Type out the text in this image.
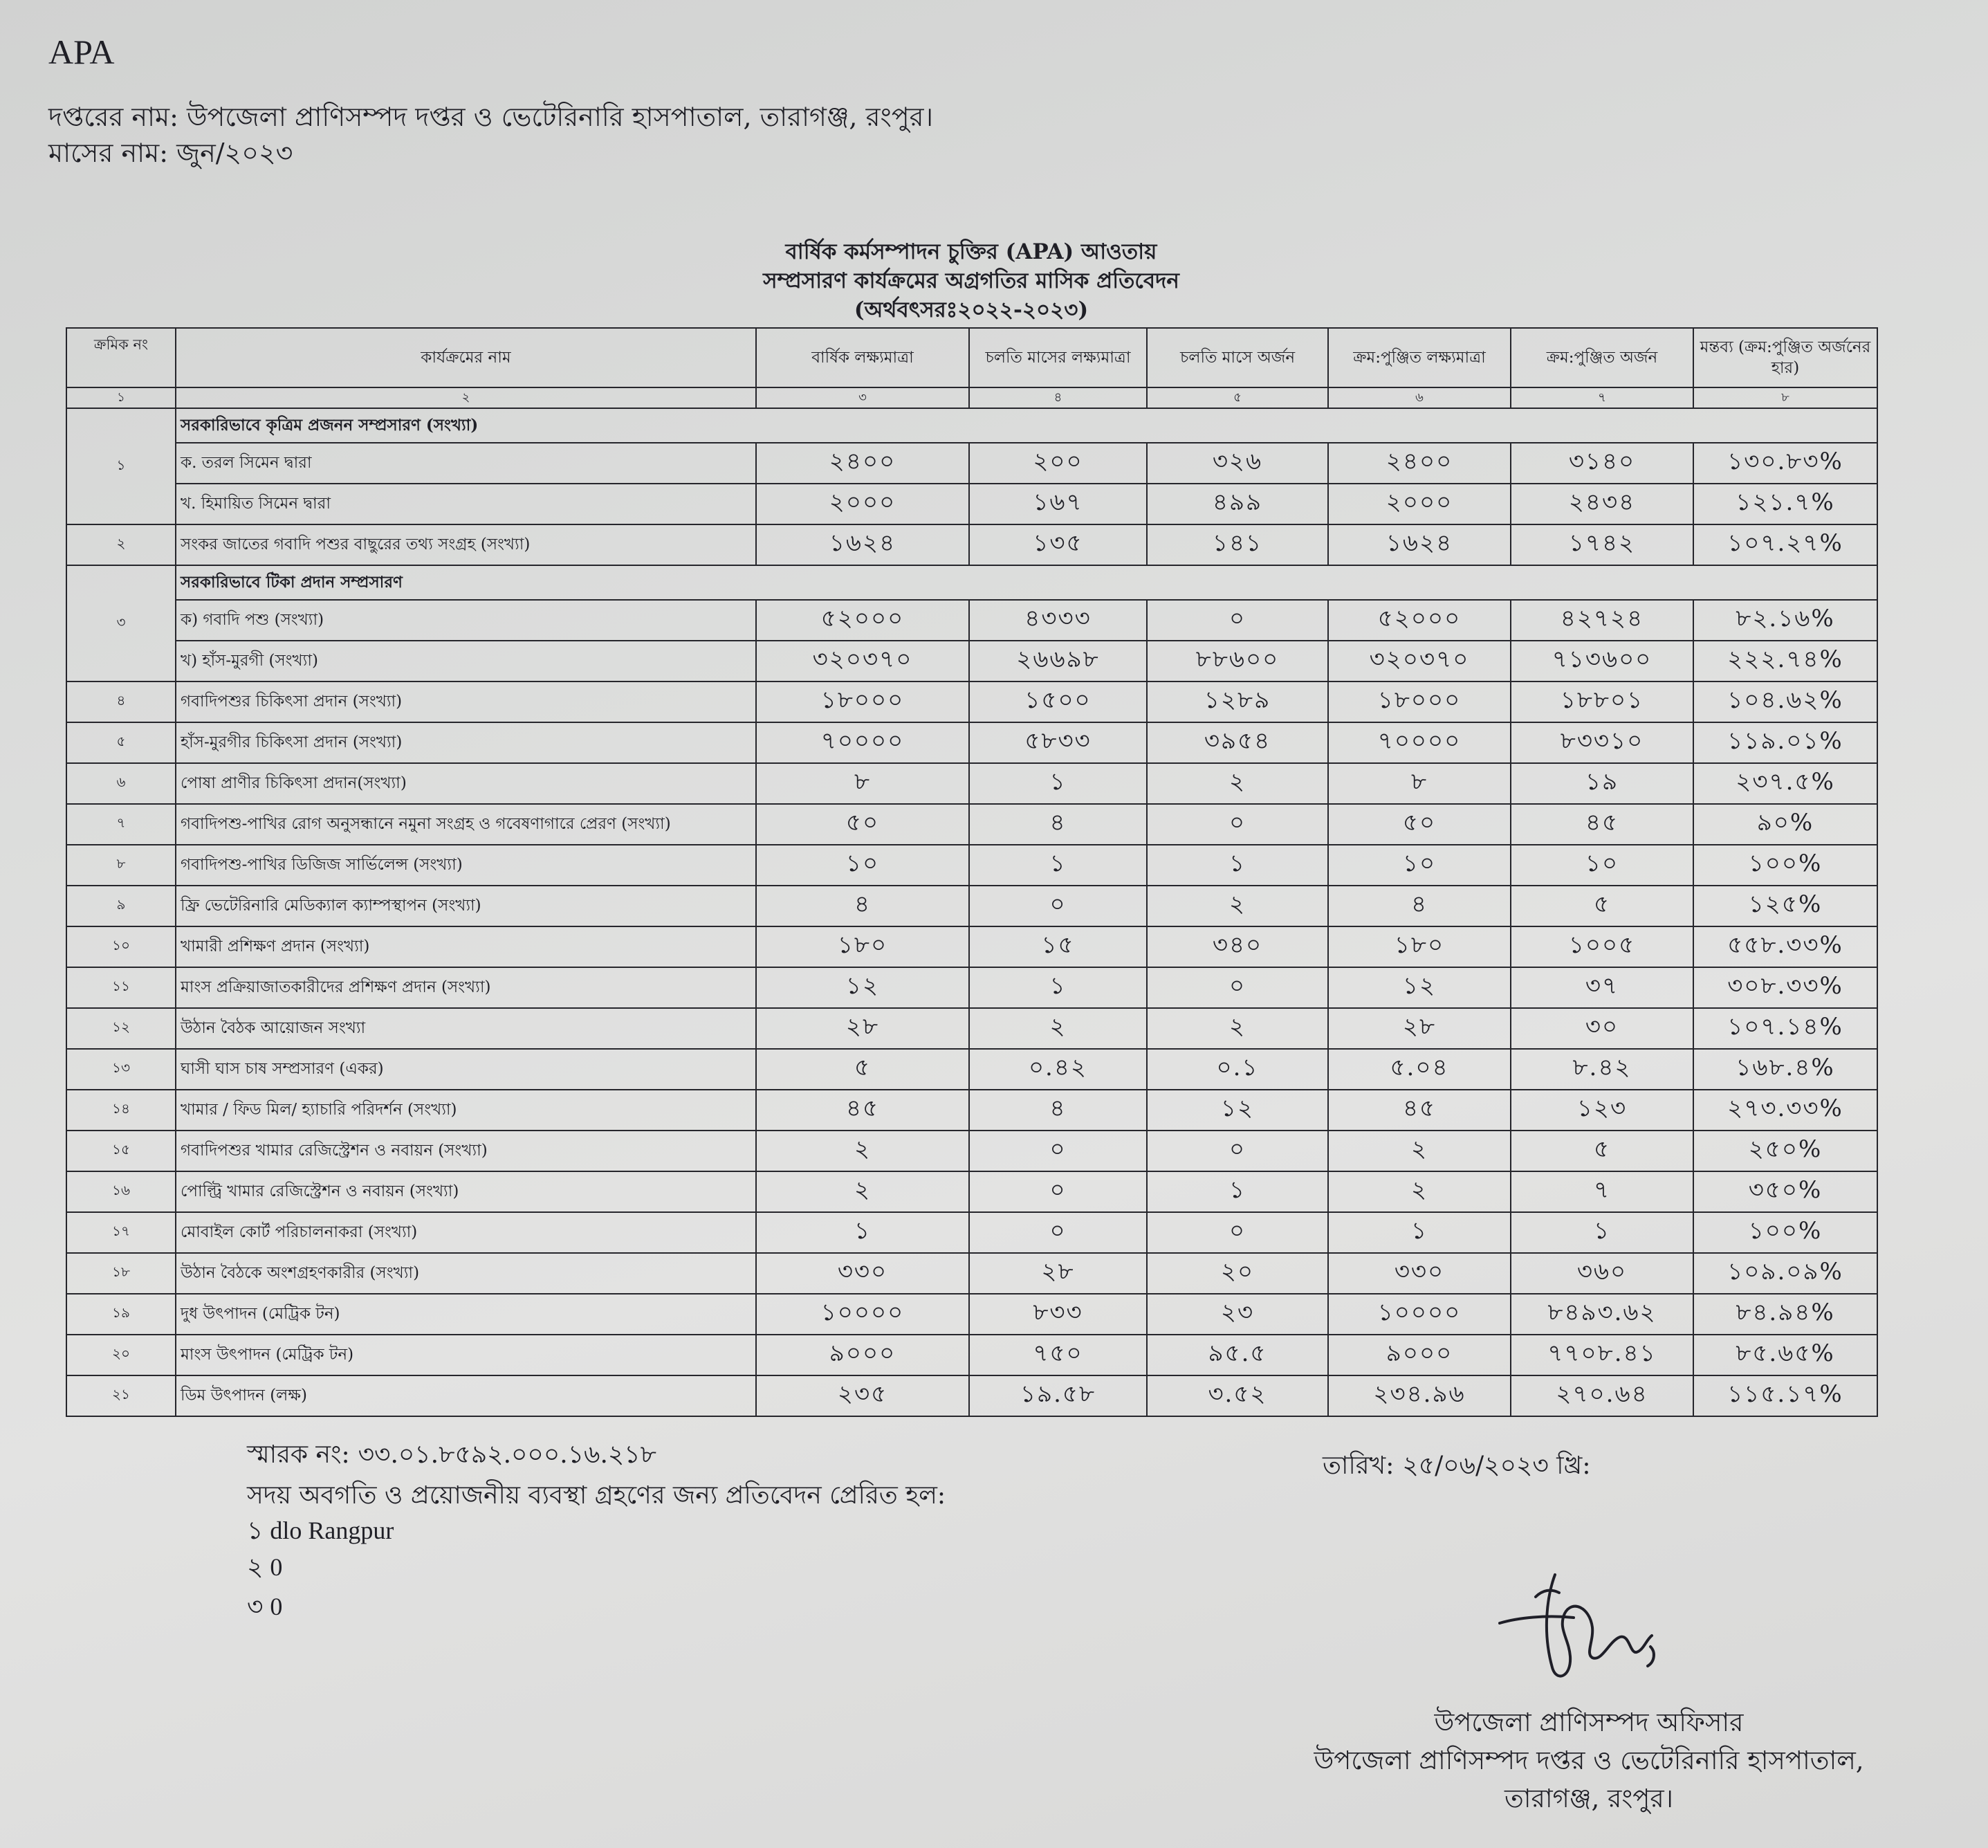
APA
দপ্তরের নাম: উপজেলা প্রাণিসম্পদ দপ্তর ও ভেটেরিনারি হাসপাতাল, তারাগঞ্জ, রংপুর।
মাসের নাম: জুন/২০২৩
বার্ষিক কর্মসম্পাদন চুক্তির (APA) আওতায়
সম্প্রসারণ কার্যক্রমের অগ্রগতির মাসিক প্রতিবেদন
(অর্থবৎসরঃ২০২২-২০২৩)
ক্রমিক নং	কার্যক্রমের নাম	বার্ষিক লক্ষ্যমাত্রা	চলতি মাসের লক্ষ্যমাত্রা	চলতি মাসে অর্জন	ক্রম:পুঞ্জিত লক্ষ্যমাত্রা	ক্রম:পুঞ্জিত অর্জন	মন্তব্য (ক্রম:পুঞ্জিত অর্জনের হার)
১	২	৩	৪	৫	৬	৭	৮
১	সরকারিভাবে কৃত্রিম প্রজনন সম্প্রসারণ (সংখ্যা)						
	ক. তরল সিমেন দ্বারা	২৪০০	২০০	৩২৬	২৪০০	৩১৪০	১৩০.৮৩%
	খ. হিমায়িত সিমেন দ্বারা	২০০০	১৬৭	৪৯৯	২০০০	২৪৩৪	১২১.৭%
২	সংকর জাতের গবাদি পশুর বাছুরের তথ্য সংগ্রহ (সংখ্যা)	১৬২৪	১৩৫	১৪১	১৬২৪	১৭৪২	১০৭.২৭%
৩	সরকারিভাবে টিকা প্রদান সম্প্রসারণ						
	ক) গবাদি পশু (সংখ্যা)	৫২০০০	৪৩৩৩	০	৫২০০০	৪২৭২৪	৮২.১৬%
	খ) হাঁস-মুরগী (সংখ্যা)	৩২০৩৭০	২৬৬৯৮	৮৮৬০০	৩২০৩৭০	৭১৩৬০০	২২২.৭৪%
৪	গবাদিপশুর চিকিৎসা প্রদান (সংখ্যা)	১৮০০০	১৫০০	১২৮৯	১৮০০০	১৮৮০১	১০৪.৬২%
৫	হাঁস-মুরগীর চিকিৎসা প্রদান (সংখ্যা)	৭০০০০	৫৮৩৩	৩৯৫৪	৭০০০০	৮৩৩১০	১১৯.০১%
৬	পোষা প্রাণীর চিকিৎসা প্রদান(সংখ্যা)	৮	১	২	৮	১৯	২৩৭.৫%
৭	গবাদিপশু-পাখির রোগ অনুসন্ধানে নমুনা সংগ্রহ ও গবেষণাগারে প্রেরণ (সংখ্যা)	৫০	৪	০	৫০	৪৫	৯০%
৮	গবাদিপশু-পাখির ডিজিজ সার্ভিলেন্স (সংখ্যা)	১০	১	১	১০	১০	১০০%
৯	ফ্রি ভেটেরিনারি মেডিক্যাল ক্যাম্পস্থাপন (সংখ্যা)	৪	০	২	৪	৫	১২৫%
১০	খামারী প্রশিক্ষণ প্রদান (সংখ্যা)	১৮০	১৫	৩৪০	১৮০	১০০৫	৫৫৮.৩৩%
১১	মাংস প্রক্রিয়াজাতকারীদের প্রশিক্ষণ প্রদান (সংখ্যা)	১২	১	০	১২	৩৭	৩০৮.৩৩%
১২	উঠান বৈঠক আয়োজন সংখ্যা	২৮	২	২	২৮	৩০	১০৭.১৪%
১৩	ঘাসী ঘাস চাষ সম্প্রসারণ (একর)	৫	০.৪২	০.১	৫.০৪	৮.৪২	১৬৮.৪%
১৪	খামার / ফিড মিল/ হ্যাচারি পরিদর্শন (সংখ্যা)	৪৫	৪	১২	৪৫	১২৩	২৭৩.৩৩%
১৫	গবাদিপশুর খামার রেজিস্ট্রেশন ও নবায়ন (সংখ্যা)	২	০	০	২	৫	২৫০%
১৬	পোল্ট্রি খামার রেজিস্ট্রেশন ও নবায়ন (সংখ্যা)	২	০	১	২	৭	৩৫০%
১৭	মোবাইল কোর্ট পরিচালনাকরা (সংখ্যা)	১	০	০	১	১	১০০%
১৮	উঠান বৈঠকে অংশগ্রহণকারীর (সংখ্যা)	৩৩০	২৮	২০	৩৩০	৩৬০	১০৯.০৯%
১৯	দুধ উৎপাদন (মেট্রিক টন)	১০০০০	৮৩৩	২৩	১০০০০	৮৪৯৩.৬২	৮৪.৯৪%
২০	মাংস উৎপাদন (মেট্রিক টন)	৯০০০	৭৫০	৯৫.৫	৯০০০	৭৭০৮.৪১	৮৫.৬৫%
২১	ডিম উৎপাদন (লক্ষ)	২৩৫	১৯.৫৮	৩.৫২	২৩৪.৯৬	২৭০.৬৪	১১৫.১৭%
স্মারক নং: ৩৩.০১.৮৫৯২.০০০.১৬.২১৮	তারিখ: ২৫/০৬/২০২৩ খ্রি:
সদয় অবগতি ও প্রয়োজনীয় ব্যবস্থা গ্রহণের জন্য প্রতিবেদন প্রেরিত হল:
১ dlo Rangpur
২ 0
৩ 0
উপজেলা প্রাণিসম্পদ অফিসার
উপজেলা প্রাণিসম্পদ দপ্তর ও ভেটেরিনারি হাসপাতাল,
তারাগঞ্জ, রংপুর।
